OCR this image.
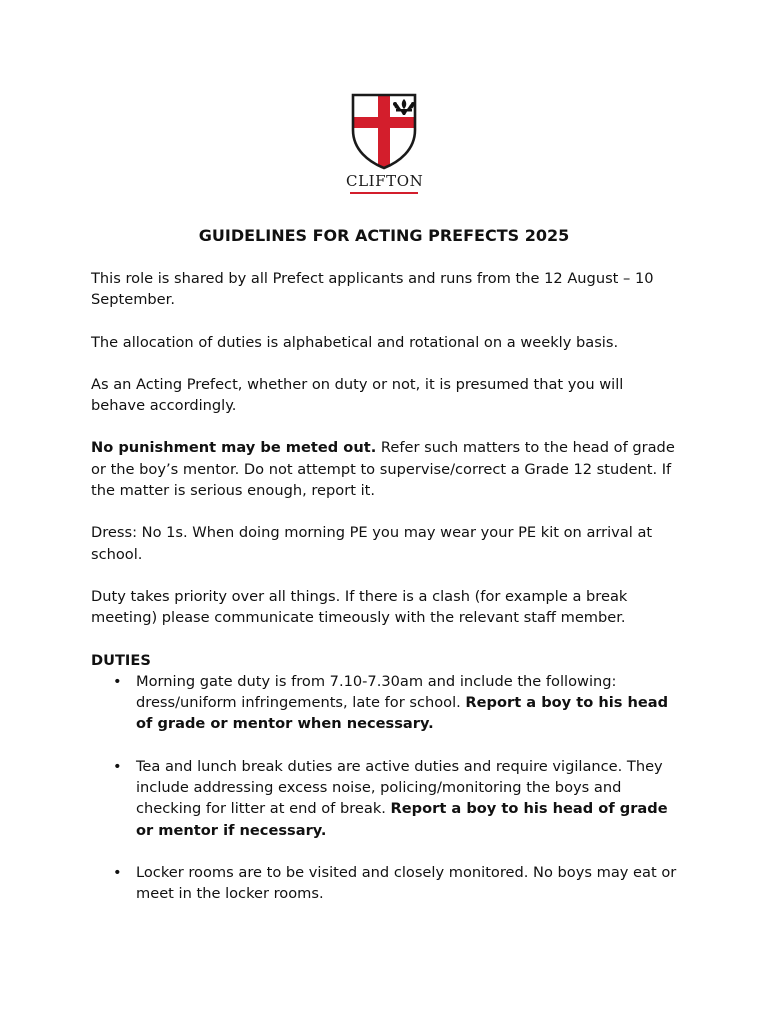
CLIFTON
GUIDELINES FOR ACTING PREFECTS 2025

This role is shared by all Prefect applicants and runs from the 12 August – 10 September.

The allocation of duties is alphabetical and rotational on a weekly basis.

As an Acting Prefect, whether on duty or not, it is presumed that you will behave accordingly.

No punishment may be meted out. Refer such matters to the head of grade or the boy’s mentor. Do not attempt to supervise/correct a Grade 12 student. If the matter is serious enough, report it.

Dress: No 1s. When doing morning PE you may wear your PE kit on arrival at school.

Duty takes priority over all things. If there is a clash (for example a break meeting) please communicate timeously with the relevant staff member.

DUTIES
• Morning gate duty is from 7.10-7.30am and include the following: dress/uniform infringements, late for school. Report a boy to his head of grade or mentor when necessary.
• Tea and lunch break duties are active duties and require vigilance. They include addressing excess noise, policing/monitoring the boys and checking for litter at end of break. Report a boy to his head of grade or mentor if necessary.
• Locker rooms are to be visited and closely monitored. No boys may eat or meet in the locker rooms.
